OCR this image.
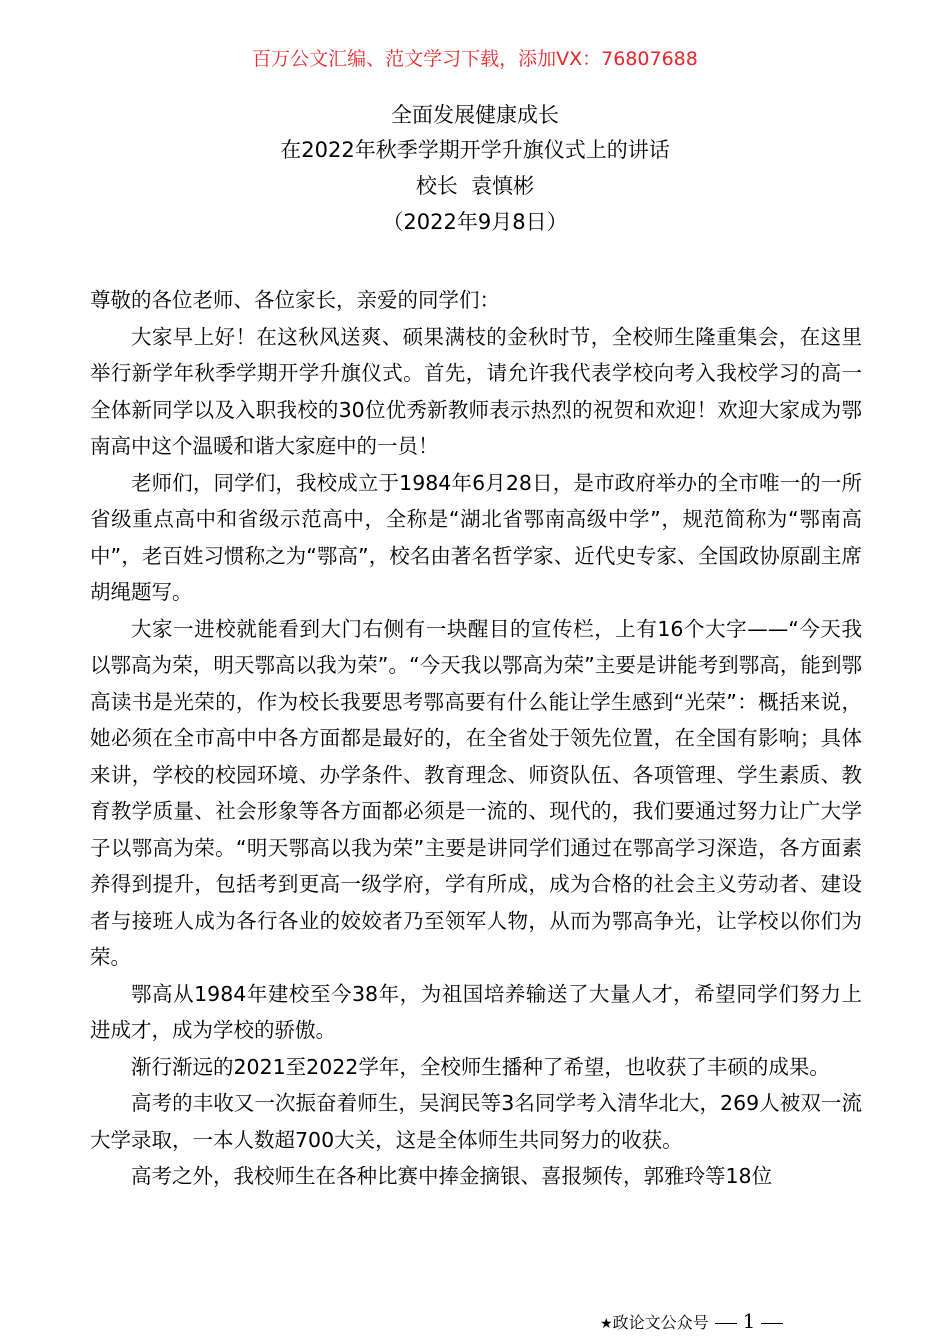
百万公文汇编、范文学习下载，添加VX：76807688
全面发展健康成长
在2022年秋季学期开学升旗仪式上的讲话
校长  袁慎彬
（2022年9月8日）

尊敬的各位老师、各位家长，亲爱的同学们：

大家早上好！在这秋风送爽、硕果满枝的金秋时节，全校师生隆重集会，在这里举行新学年秋季学期开学升旗仪式。首先，请允许我代表学校向考入我校学习的高一全体新同学以及入职我校的30位优秀新教师表示热烈的祝贺和欢迎！欢迎大家成为鄂南高中这个温暖和谐大家庭中的一员！

老师们，同学们，我校成立于1984年6月28日，是市政府举办的全市唯一的一所省级重点高中和省级示范高中，全称是“湖北省鄂南高级中学”，规范简称为“鄂南高中”，老百姓习惯称之为“鄂高”，校名由著名哲学家、近代史专家、全国政协原副主席胡绳题写。

大家一进校就能看到大门右侧有一块醒目的宣传栏，上有16个大字——“今天我以鄂高为荣，明天鄂高以我为荣”。“今天我以鄂高为荣”主要是讲能考到鄂高，能到鄂高读书是光荣的，作为校长我要思考鄂高要有什么能让学生感到“光荣”：概括来说，她必须在全市高中中各方面都是最好的，在全省处于领先位置，在全国有影响；具体来讲，学校的校园环境、办学条件、教育理念、师资队伍、各项管理、学生素质、教育教学质量、社会形象等各方面都必须是一流的、现代的，我们要通过努力让广大学子以鄂高为荣。“明天鄂高以我为荣”主要是讲同学们通过在鄂高学习深造，各方面素养得到提升，包括考到更高一级学府，学有所成，成为合格的社会主义劳动者、建设者与接班人成为各行各业的姣姣者乃至领军人物，从而为鄂高争光，让学校以你们为荣。

鄂高从1984年建校至今38年，为祖国培养输送了大量人才，希望同学们努力上进成才，成为学校的骄傲。

渐行渐远的2021至2022学年，全校师生播种了希望，也收获了丰硕的成果。

高考的丰收又一次振奋着师生，吴润民等3名同学考入清华北大，269人被双一流大学录取，一本人数超700大关，这是全体师生共同努力的收获。

高考之外，我校师生在各种比赛中捧金摘银、喜报频传，郭雅玲等18位

★政论文公众号 1
